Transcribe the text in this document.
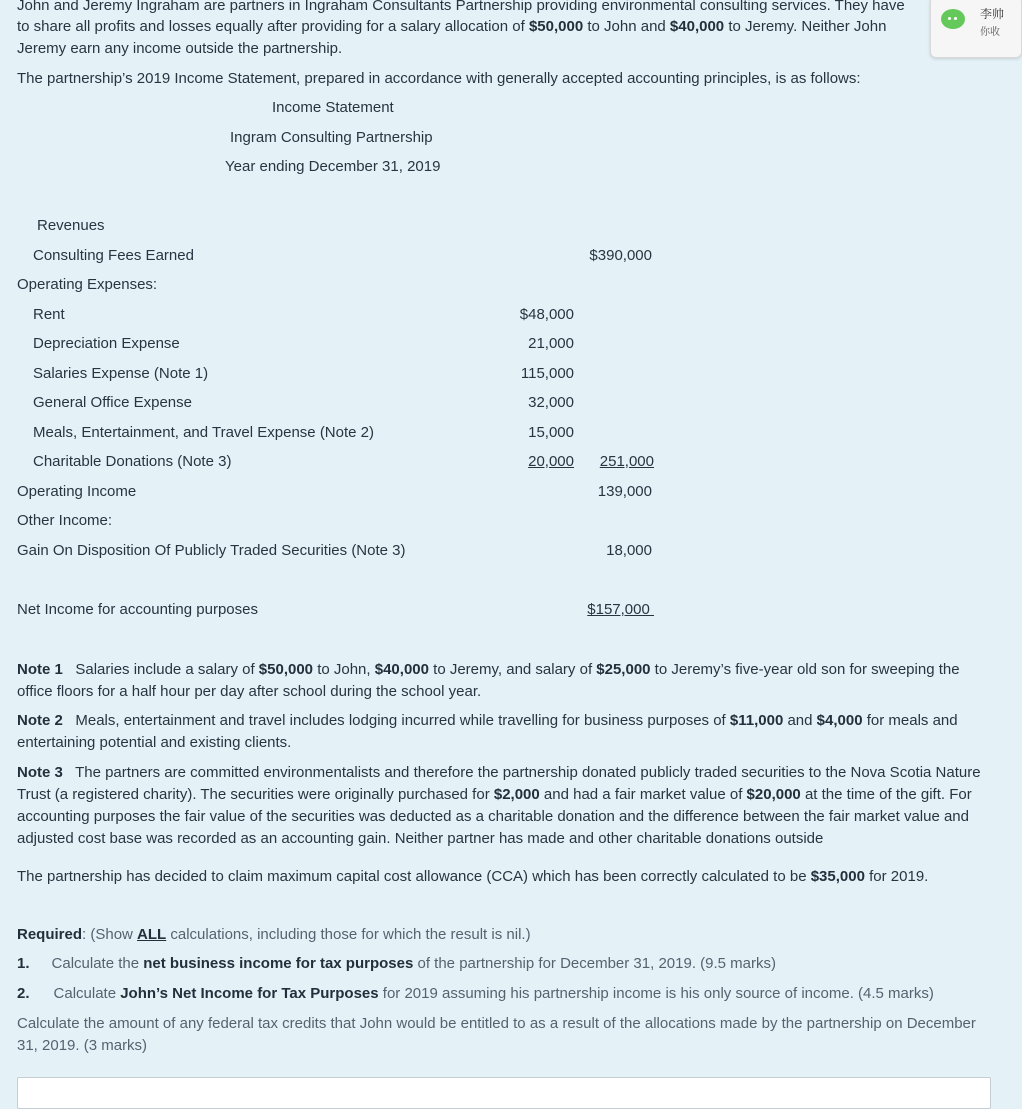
John and Jeremy Ingraham are partners in Ingraham Consultants Partnership providing environmental consulting services. They have
to share all profits and losses equally after providing for a salary allocation of $50,000 to John and $40,000 to Jeremy. Neither John
Jeremy earn any income outside the partnership.
The partnership’s 2019 Income Statement, prepared in accordance with generally accepted accounting principles, is as follows:
李帅
你收
Income Statement
Ingram Consulting Partnership
Year ending December 31, 2019
Revenues
Consulting Fees Earned	$390,000
Operating Expenses:
Rent	$48,000
Depreciation Expense	21,000
Salaries Expense (Note 1)	115,000
General Office Expense	32,000
Meals, Entertainment, and Travel Expense (Note 2)	15,000
Charitable Donations (Note 3)	20,000	251,000
Operating Income	139,000
Other Income:
Gain On Disposition Of Publicly Traded Securities (Note 3)	18,000
Net Income for accounting purposes	$157,000
Note 1 Salaries include a salary of $50,000 to John, $40,000 to Jeremy, and salary of $25,000 to Jeremy’s five-year old son for sweeping the office floors for a half hour per day after school during the school year.
Note 2 Meals, entertainment and travel includes lodging incurred while travelling for business purposes of $11,000 and $4,000 for meals and entertaining potential and existing clients.
Note 3 The partners are committed environmentalists and therefore the partnership donated publicly traded securities to the Nova Scotia Nature Trust (a registered charity). The securities were originally purchased for $2,000 and had a fair market value of $20,000 at the time of the gift. For accounting purposes the fair value of the securities was deducted as a charitable donation and the difference between the fair market value and adjusted cost base was recorded as an accounting gain. Neither partner has made and other charitable donations outside
The partnership has decided to claim maximum capital cost allowance (CCA) which has been correctly calculated to be $35,000 for 2019.
Required: (Show ALL calculations, including those for which the result is nil.)
1. Calculate the net business income for tax purposes of the partnership for December 31, 2019. (9.5 marks)
2. Calculate John’s Net Income for Tax Purposes for 2019 assuming his partnership income is his only source of income. (4.5 marks)
Calculate the amount of any federal tax credits that John would be entitled to as a result of the allocations made by the partnership on December 31, 2019. (3 marks)
